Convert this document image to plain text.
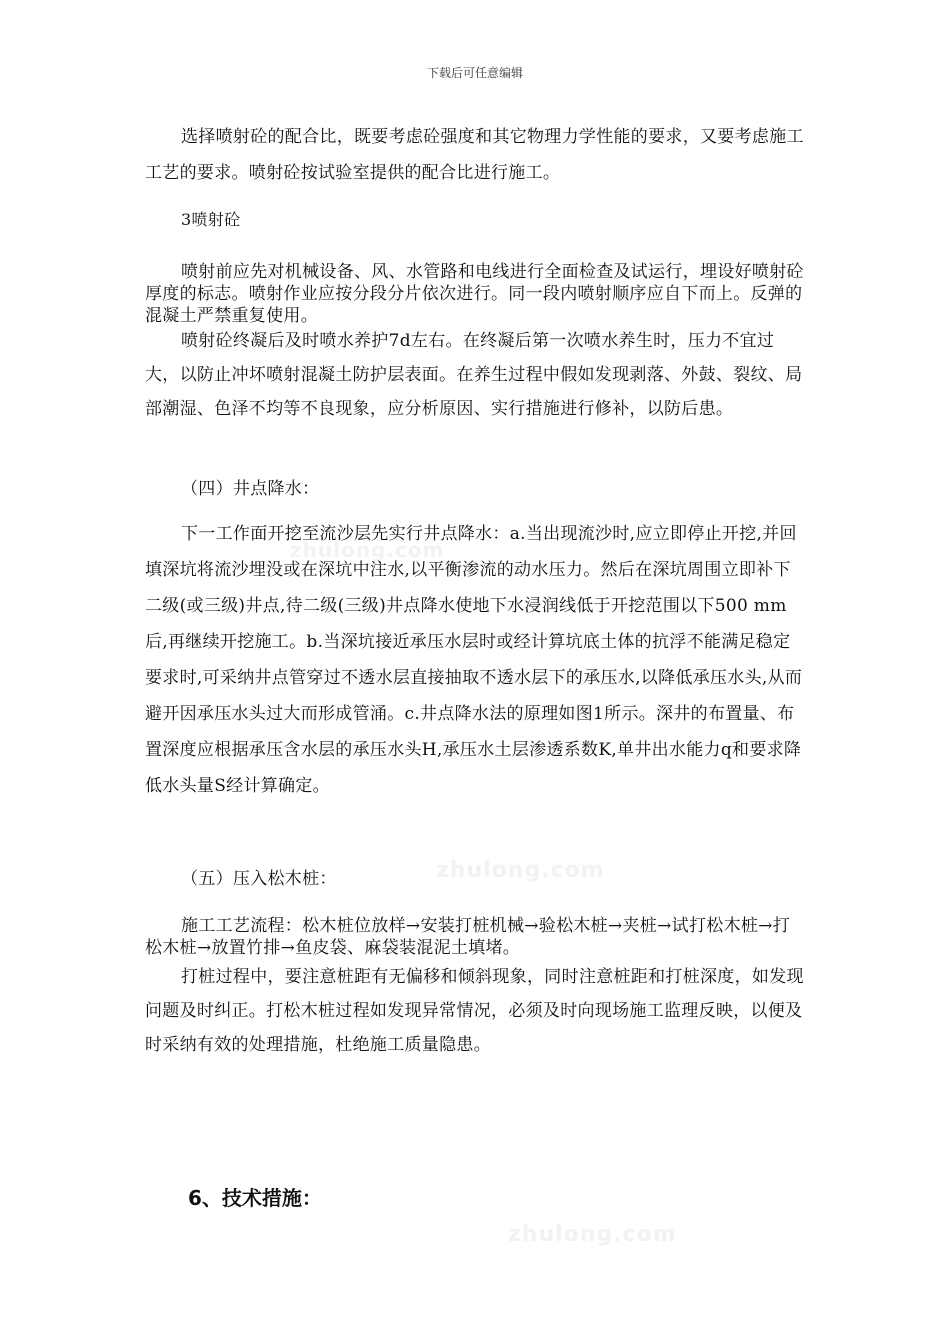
下载后可任意编辑
zhulong.com
zhulong.com
zhulong.com

选择喷射砼的配合比，既要考虑砼强度和其它物理力学性能的要求，又要考虑施工工艺的要求。喷射砼按试验室提供的配合比进行施工。

3喷射砼

喷射前应先对机械设备、风、水管路和电线进行全面检查及试运行，埋设好喷射砼厚度的标志。喷射作业应按分段分片依次进行。同一段内喷射顺序应自下而上。反弹的混凝土严禁重复使用。

喷射砼终凝后及时喷水养护7d左右。在终凝后第一次喷水养生时，压力不宜过大，以防止冲坏喷射混凝土防护层表面。在养生过程中假如发现剥落、外鼓、裂纹、局部潮湿、色泽不均等不良现象，应分析原因、实行措施进行修补，以防后患。

（四）井点降水：

下一工作面开挖至流沙层先实行井点降水：a.当出现流沙时,应立即停止开挖,并回填深坑将流沙埋没或在深坑中注水,以平衡渗流的动水压力。然后在深坑周围立即补下二级(或三级)井点,待二级(三级)井点降水使地下水浸润线低于开挖范围以下500 mm后,再继续开挖施工。b.当深坑接近承压水层时或经计算坑底土体的抗浮不能满足稳定要求时,可采纳井点管穿过不透水层直接抽取不透水层下的承压水,以降低承压水头,从而避开因承压水头过大而形成管涌。c.井点降水法的原理如图1所示。深井的布置量、布置深度应根据承压含水层的承压水头H,承压水土层渗透系数K,单井出水能力q和要求降低水头量S经计算确定。

（五）压入松木桩：

施工工艺流程：松木桩位放样→安装打桩机械→验松木桩→夹桩→试打松木桩→打松木桩→放置竹排→鱼皮袋、麻袋装混泥土填堵。

打桩过程中，要注意桩距有无偏移和倾斜现象，同时注意桩距和打桩深度，如发现问题及时纠正。打松木桩过程如发现异常情况，必须及时向现场施工监理反映，以便及时采纳有效的处理措施，杜绝施工质量隐患。

6、技术措施：
